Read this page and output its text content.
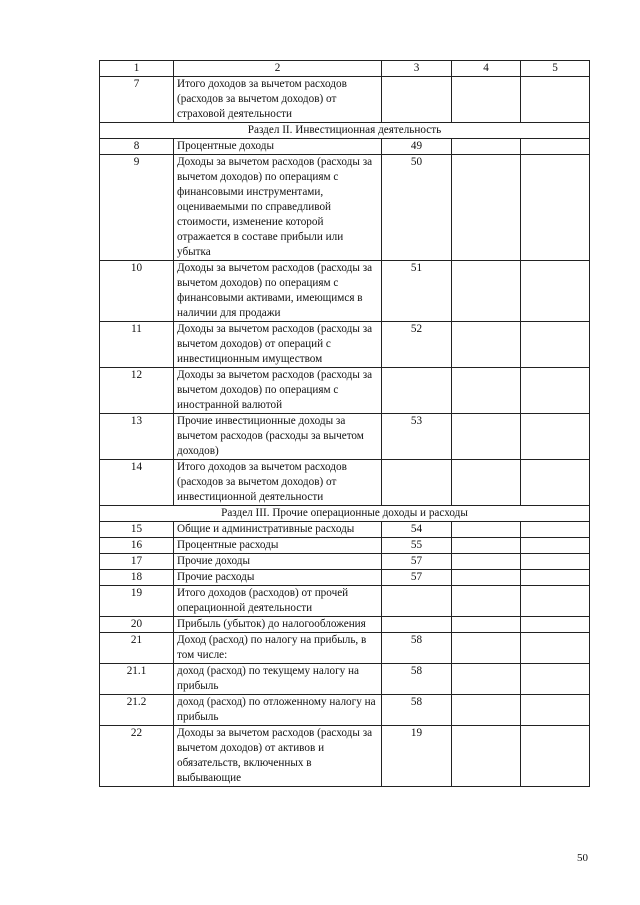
1	2	3	4	5
7	Итого доходов за вычетом расходов (расходов за вычетом доходов) от страховой деятельности			
Раздел II. Инвестиционная деятельность				
8	Процентные доходы	49		
9	Доходы за вычетом расходов (расходы за вычетом доходов) по операциям с финансовыми инструментами, оцениваемыми по справедливой стоимости, изменение которой отражается в составе прибыли или убытка	50		
10	Доходы за вычетом расходов (расходы за вычетом доходов) по операциям с финансовыми активами, имеющимся в наличии для продажи	51		
11	Доходы за вычетом расходов (расходы за вычетом доходов) от операций с инвестиционным имуществом	52		
12	Доходы за вычетом расходов (расходы за вычетом доходов) по операциям с иностранной валютой			
13	Прочие инвестиционные доходы за вычетом расходов (расходы за вычетом доходов)	53		
14	Итого доходов за вычетом расходов (расходов за вычетом доходов) от инвестиционной деятельности			
Раздел III. Прочие операционные доходы и расходы				
15	Общие и административные расходы	54		
16	Процентные расходы	55		
17	Прочие доходы	57		
18	Прочие расходы	57		
19	Итого доходов (расходов) от прочей операционной деятельности			
20	Прибыль (убыток) до налогообложения			
21	Доход (расход) по налогу на прибыль, в том числе:	58		
21.1	доход (расход) по текущему налогу на прибыль	58		
21.2	доход (расход) по отложенному налогу на прибыль	58		
22	Доходы за вычетом расходов (расходы за вычетом доходов) от активов и обязательств, включенных в выбывающие	19		
50
